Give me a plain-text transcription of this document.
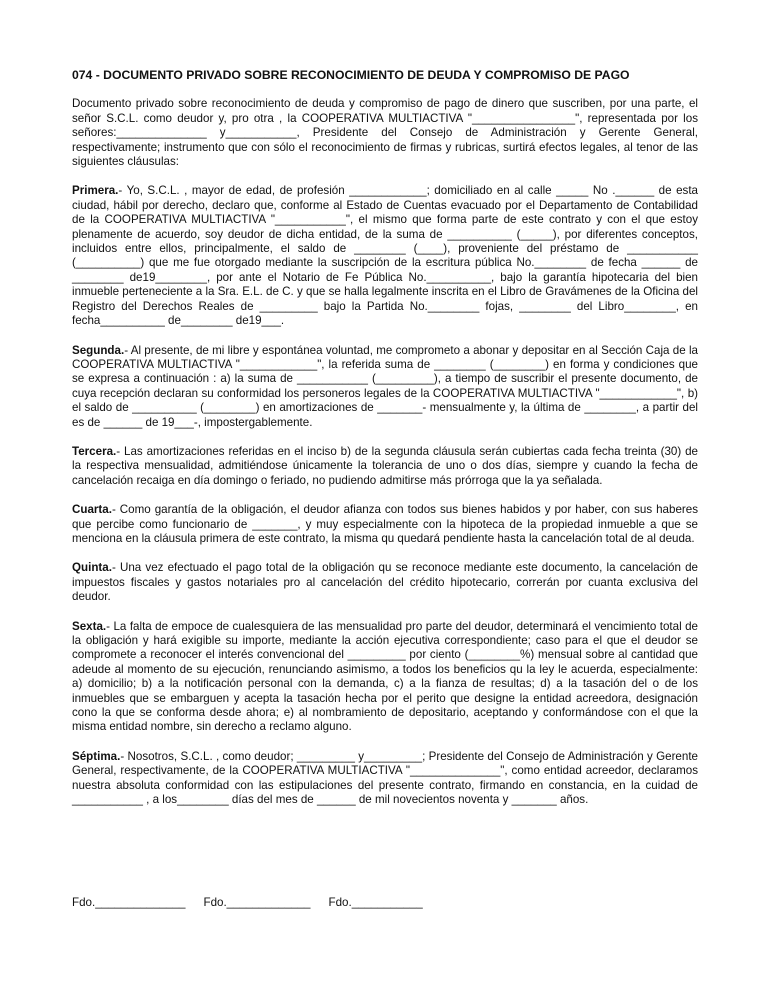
074 - DOCUMENTO PRIVADO SOBRE RECONOCIMIENTO DE DEUDA Y COMPROMISO DE PAGO

Documento privado sobre reconocimiento de deuda y compromiso de pago de dinero que suscriben, por una parte, el señor S.C.L. como deudor y, pro otra , la COOPERATIVA MULTIACTIVA "________________", representada por los señores:______________ y___________, Presidente del Consejo de Administración y Gerente General, respectivamente; instrumento que con sólo el reconocimiento de firmas y rubricas, surtirá efectos legales, al tenor de las siguientes cláusulas:

Primera.- Yo, S.C.L. , mayor de edad, de profesión ____________; domiciliado en al calle _____ No .______ de esta ciudad, hábil por derecho, declaro que, conforme al Estado de Cuentas evacuado por el Departamento de Contabilidad de la COOPERATIVA MULTIACTIVA "___________", el mismo que forma parte de este contrato y con el que estoy plenamente de acuerdo, soy deudor de dicha entidad, de la suma de __________ (_____), por diferentes conceptos, incluidos entre ellos, principalmente, el saldo de ________ (____), proveniente del préstamo de ___________ (__________) que me fue otorgado mediante la suscripción de la escritura pública No.________ de fecha ______ de ________ de19________, por ante el Notario de Fe Pública No.__________, bajo la garantía hipotecaria del bien inmueble perteneciente a la Sra. E.L. de C. y que se halla legalmente inscrita en el Libro de Gravámenes de la Oficina del Registro del Derechos Reales de _________ bajo la Partida No.________ fojas, ________ del Libro________, en fecha__________ de________ de19___.

Segunda.- Al presente, de mi libre y espontánea voluntad, me comprometo a abonar y depositar en al Sección Caja de la COOPERATIVA MULTIACTIVA "____________", la referida suma de ________ (________) en forma y condiciones que se expresa a continuación : a) la suma de ___________ (_________), a tiempo de suscribir el presente documento, de cuya recepción declaran su conformidad los personeros legales de la COOPERATIVA MULTIACTIVA "____________", b) el saldo de __________ (________) en amortizaciones de _______- mensualmente y, la última de ________, a partir del es de ______ de 19___-, impostergablemente.

Tercera.- Las amortizaciones referidas en el inciso b) de la segunda cláusula serán cubiertas cada fecha treinta (30) de la respectiva mensualidad, admitiéndose únicamente la tolerancia de uno o dos días, siempre y cuando la fecha de cancelación recaiga en día domingo o feriado, no pudiendo admitirse más prórroga que la ya señalada.

Cuarta.- Como garantía de la obligación, el deudor afianza con todos sus bienes habidos y por haber, con sus haberes que percibe como funcionario de _______, y muy especialmente con la hipoteca de la propiedad inmueble a que se menciona en la cláusula primera de este contrato, la misma qu quedará pendiente hasta la cancelación total de al deuda.

Quinta.- Una vez efectuado el pago total de la obligación qu se reconoce mediante este documento, la cancelación de impuestos fiscales y gastos notariales pro al cancelación del crédito hipotecario, correrán por cuanta exclusiva del deudor.

Sexta.- La falta de empoce de cualesquiera de las mensualidad pro parte del deudor, determinará el vencimiento total de la obligación y hará exigible su importe, mediante la acción ejecutiva correspondiente; caso para el que el deudor se compromete a reconocer el interés convencional del _________ por ciento (________%) mensual sobre al cantidad que adeude al momento de su ejecución, renunciando asimismo, a todos los beneficios qu la ley le acuerda, especialmente: a) domicilio; b) a la notificación personal con la demanda, c) a la fianza de resultas; d) a la tasación del o de los inmuebles que se embarguen y acepta la tasación hecha por el perito que designe la entidad acreedora, designación cono la que se conforma desde ahora; e) al nombramiento de depositario, aceptando y conformándose con el que la misma entidad nombre, sin derecho a reclamo alguno.

Séptima.- Nosotros, S.C.L. , como deudor; _________ y_________; Presidente del Consejo de Administración y Gerente General, respectivamente, de la COOPERATIVA MULTIACTIVA "______________", como entidad acreedor, declaramos nuestra absoluta conformidad con las estipulaciones del presente contrato, firmando en constancia, en la cuidad de ___________ , a los________ días del mes de ______ de mil novecientos noventa y _______ años.

Fdo.______________ Fdo._____________ Fdo.___________
